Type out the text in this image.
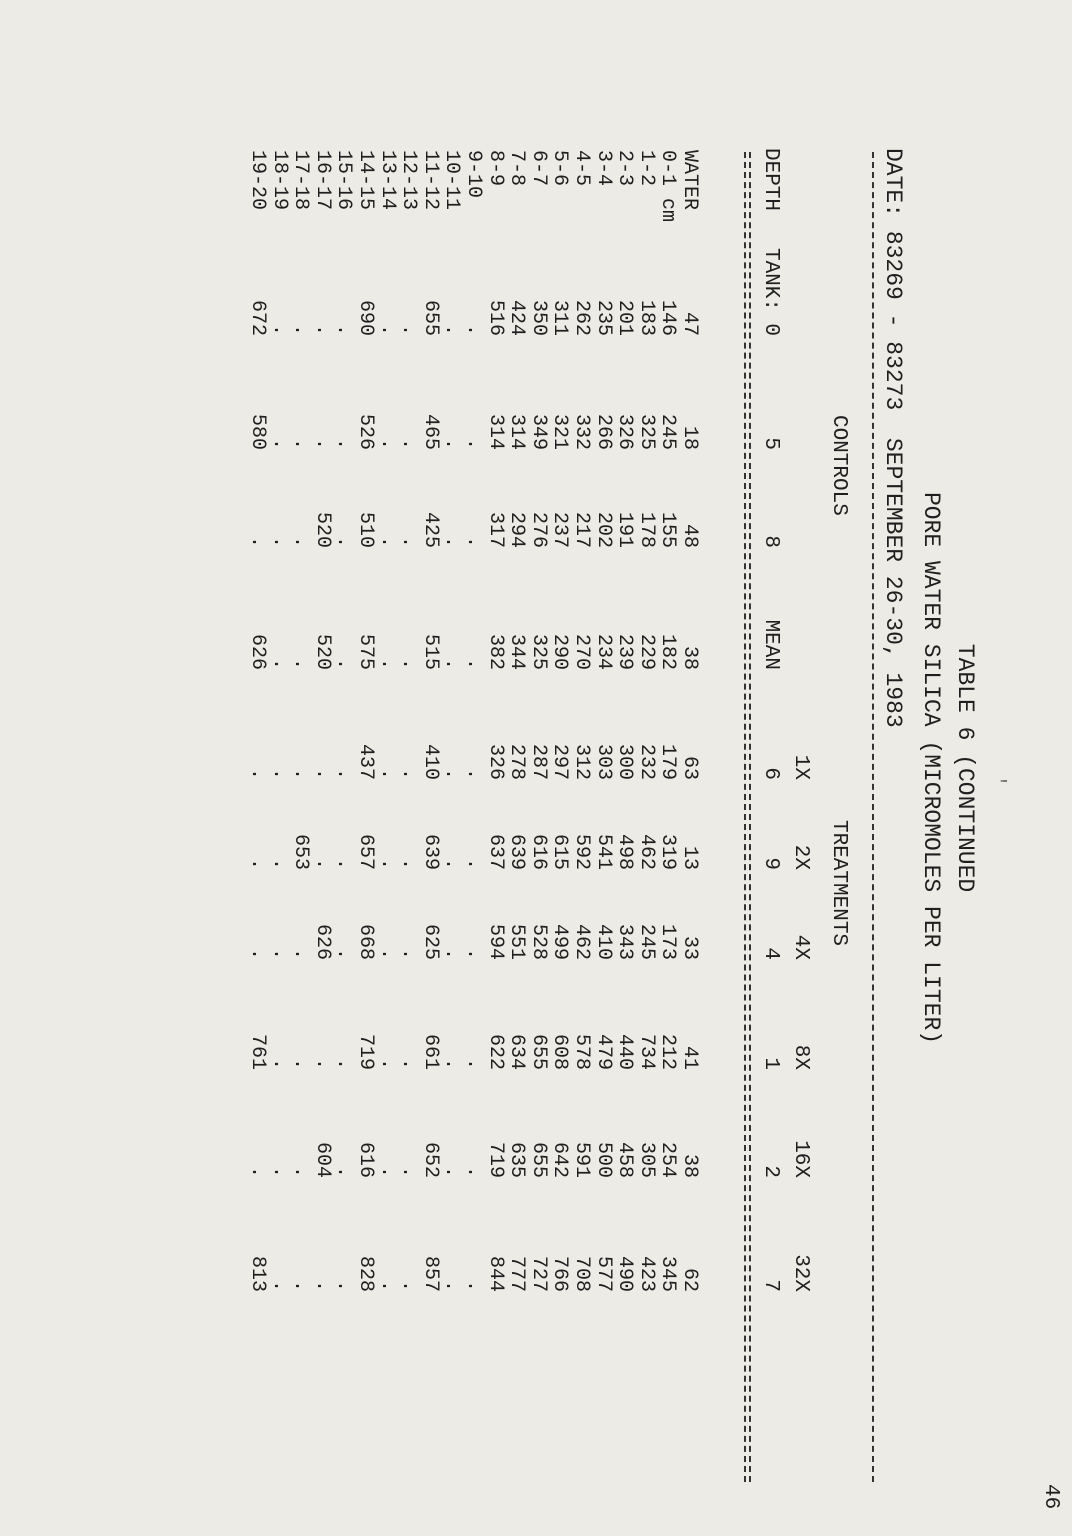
46
'
TABLE 6 (CONTINUED
PORE WATER SILICA (MICROMOLES PER LITER)
DATE: 83269 - 83273  SEPTEMBER 26-30, 1983
CONTROLS
TREATMENTS
1X
2X
4X
8X
16X
32X
DEPTH
TANK:
0
5
8
MEAN
6
9
4
1
2
7
WATER
47
18
48
38
63
13
33
41
38
62
0-1 cm
146
245
155
182
179
319
173
212
254
345
1-2
183
325
178
229
232
462
245
734
305
423
2-3
201
326
191
239
300
498
343
440
458
490
3-4
235
266
202
234
303
541
410
479
500
577
4-5
262
332
217
270
312
592
462
578
591
708
5-6
311
321
237
290
297
615
499
608
642
766
6-7
350
349
276
325
287
616
528
655
655
727
7-8
424
314
294
344
278
639
551
634
635
777
8-9
516
314
317
382
326
637
594
622
719
844
9-10
.
.
.
.
.
.
.
.
.
.
10-11
.
.
.
.
.
.
.
.
.
.
11-12
655
465
425
515
410
639
625
661
652
857
12-13
.
.
.
.
.
.
.
.
.
.
13-14
.
.
.
.
.
.
.
.
.
.
14-15
690
526
510
575
437
657
668
719
616
828
15-16
.
.
.
.
.
.
.
.
.
.
16-17
.
.
520
520
.
.
626
.
604
.
17-18
.
.
.
.
.
653
.
.
.
.
18-19
.
.
.
.
.
.
.
.
.
.
19-20
672
580
.
626
.
.
.
761
.
813
